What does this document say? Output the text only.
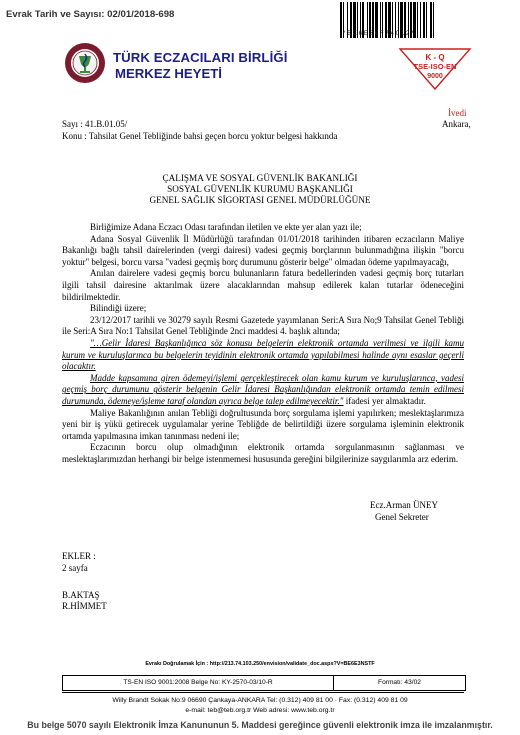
Evrak Tarih ve Sayısı: 02/01/2018-698
*BE6E36F74012*
TÜRK ECZACILARI BİRLİĞİ
MERKEZ HEYETİ
K - Q
TSE-ISO-EN
9000
İvedi
Ankara,
Sayı : 41.B.01.05/
Konu : Tahsilat Genel Tebliğinde bahsi geçen borcu yoktur belgesi hakkında
ÇALIŞMA VE SOSYAL GÜVENLİK BAKANLIĞI
SOSYAL GÜVENLİK KURUMU BAŞKANLIĞI
GENEL SAĞLIK SİGORTASI GENEL MÜDÜRLÜĞÜNE

Birliğimize Adana Eczacı Odası tarafından iletilen ve ekte yer alan yazı ile;

Adana Sosyal Güvenlik İl Müdürlüğü tarafından 01/01/2018 tarihinden itibaren eczacıların Maliye Bakanlığı bağlı tahsil dairelerinden (vergi dairesi) vadesi geçmiş borçlarının bulunmadığına ilişkin "borcu yoktur" belgesi, borcu varsa "vadesi geçmiş borç durumunu gösterir belge" olmadan ödeme yapılmayacağı,

Anılan dairelere vadesi geçmiş borcu bulunanların fatura bedellerinden vadesi geçmiş borç tutarları ilgili tahsil dairesine aktarılmak üzere alacaklarından mahsup edilerek kalan tutarlar ödeneceğini bildirilmektedir.

Bilindiği üzere;

23/12/2017 tarihli ve 30279 sayılı Resmi Gazetede yayımlanan Seri:A Sıra No;9 Tahsilat Genel Tebliği ile Seri:A Sıra No:1 Tahsilat Genel Tebliğinde 2nci maddesi 4. başlık altında;

"…Gelir İdaresi Başkanlığınca söz konusu belgelerin elektronik ortamda verilmesi ve ilgili kamu kurum ve kuruluşlarınca bu belgelerin teyidinin elektronik ortamda yapılabilmesi halinde aynı esaslar geçerli olacaktır.

Madde kapsamına giren ödemeyi/işlemi gerçekleştirecek olan kamu kurum ve kuruluşlarınca, vadesi geçmiş borç durumunu gösterir belgenin Gelir İdaresi Başkanlığından elektronik ortamda temin edilmesi durumunda, ödemeye/işleme taraf olandan ayrıca belge talep edilmeyecektir." ifadesi yer almaktadır.

Maliye Bakanlığının anılan Tebliği doğrultusunda borç sorgulama işlemi yapılırken; meslektaşlarımıza yeni bir iş yükü getirecek uygulamalar yerine Tebliğde de belirtildiği üzere sorgulama işleminin elektronik ortamda yapılmasına imkan tanınması nedeni ile;

Eczacının borcu olup olmadığının elektronik ortamda sorgulanmasının sağlanması ve meslektaşlarımızdan herhangi bir belge istenmemesi hususunda gereğini bilgilerinize saygılarımla arz ederim.

Ecz.Arman ÜNEY
Genel Sekreter
EKLER :
2 sayfa
B.AKTAŞ
R.HİMMET
Evrakı Doğrulamak İçin : http://213.74.103.250/envision/validate_doc.aspx?V=BE6E3NSTF
TS-EN ISO 9001:2008 Belge No: KY-2570-03/10-R	Formatı: 43/02
Willy Brandt Sokak No:9 06690 Çankaya-ANKARA Tel: (0.312) 409 81 00 · Fax: (0.312) 409 81 09
e-mail: teb@teb.org.tr Web adresi: www.teb.org.tr
Bu belge 5070 sayılı Elektronik İmza Kanununun 5. Maddesi gereğince güvenli elektronik imza ile imzalanmıştır.
